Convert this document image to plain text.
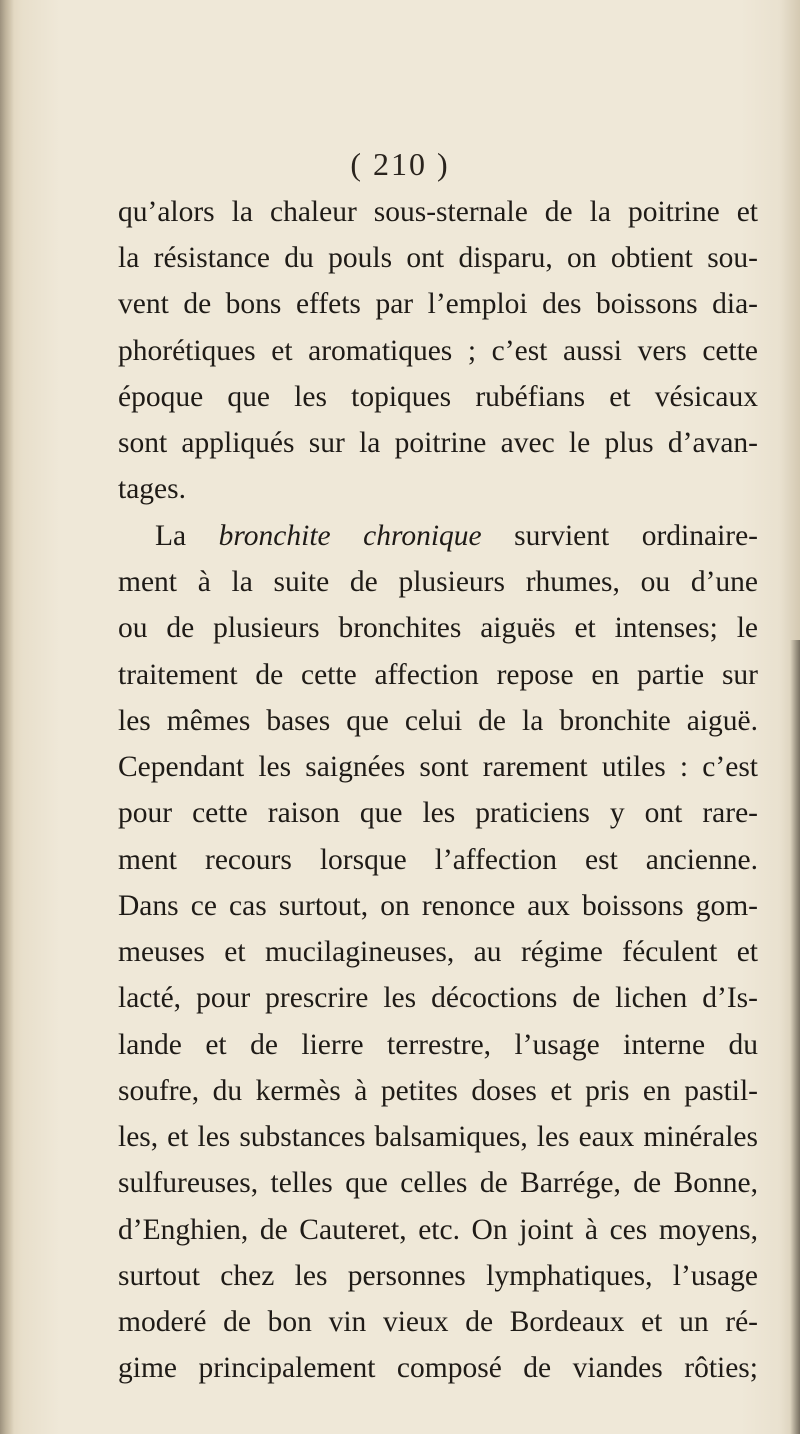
( 210 )
qu’alors la chaleur sous-sternale de la poitrine et
la résistance du pouls ont disparu, on obtient sou-
vent de bons effets par l’emploi des boissons dia-
phorétiques et aromatiques ; c’est aussi vers cette
époque que les topiques rubéfians et vésicaux
sont appliqués sur la poitrine avec le plus d’avan-
tages.
La bronchite chronique survient ordinaire-
ment à la suite de plusieurs rhumes, ou d’une
ou de plusieurs bronchites aiguës et intenses; le
traitement de cette affection repose en partie sur
les mêmes bases que celui de la bronchite aiguë.
Cependant les saignées sont rarement utiles : c’est
pour cette raison que les praticiens y ont rare-
ment recours lorsque l’affection est ancienne.
Dans ce cas surtout, on renonce aux boissons gom-
meuses et mucilagineuses, au régime féculent et
lacté, pour prescrire les décoctions de lichen d’Is-
lande et de lierre terrestre, l’usage interne du
soufre, du kermès à petites doses et pris en pastil-
les, et les substances balsamiques, les eaux minérales
sulfureuses, telles que celles de Barrége, de Bonne,
d’Enghien, de Cauteret, etc. On joint à ces moyens,
surtout chez les personnes lymphatiques, l’usage
moderé de bon vin vieux de Bordeaux et un ré-
gime principalement composé de viandes rôties;
